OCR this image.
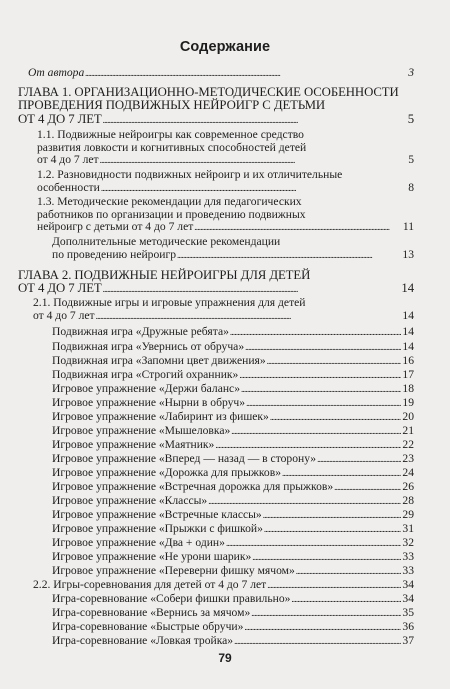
Содержание
От автора . . .	3
ГЛАВА 1. ОРГАНИЗАЦИОННО-МЕТОДИЧЕСКИЕ ОСОБЕННОСТИ
ПРОВЕДЕНИЯ ПОДВИЖНЫХ НЕЙРОИГР С ДЕТЬМИ
ОТ 4 ДО 7 ЛЕТ . . .	5
1.1. Подвижные нейроигры как современное средство
развития ловкости и когнитивных способностей детей
от 4 до 7 лет . . .	5
1.2. Разновидности подвижных нейроигр и их отличительные
особенности . . .	8
1.3. Методические рекомендации для педагогических
работников по организации и проведению подвижных
нейроигр с детьми от 4 до 7 лет . . .	11
Дополнительные методические рекомендации
по проведению нейроигр . . .	13
ГЛАВА 2. ПОДВИЖНЫЕ НЕЙРОИГРЫ ДЛЯ ДЕТЕЙ
ОТ 4 ДО 7 ЛЕТ . . .	14
2.1. Подвижные игры и игровые упражнения для детей
от 4 до 7 лет . . .	14
Подвижная игра «Дружные ребята» . . .	14
Подвижная игра «Увернись от обруча» . . .	14
Подвижная игра «Запомни цвет движения» . . .	16
Подвижная игра «Строгий охранник» . . .	17
Игровое упражнение «Держи баланс» . . .	18
Игровое упражнение «Нырни в обруч» . . .	19
Игровое упражнение «Лабиринт из фишек» . . .	20
Игровое упражнение «Мышеловка» . . .	21
Игровое упражнение «Маятник» . . .	22
Игровое упражнение «Вперед — назад — в сторону» . . .	23
Игровое упражнение «Дорожка для прыжков» . . .	24
Игровое упражнение «Встречная дорожка для прыжков» . . .	26
Игровое упражнение «Классы» . . .	28
Игровое упражнение «Встречные классы» . . .	29
Игровое упражнение «Прыжки с фишкой» . . .	31
Игровое упражнение «Два + один» . . .	32
Игровое упражнение «Не урони шарик» . . .	33
Игровое упражнение «Переверни фишку мячом» . . .	33
2.2. Игры-соревнования для детей от 4 до 7 лет . . .	34
Игра-соревнование «Собери фишки правильно» . . .	34
Игра-соревнование «Вернись за мячом» . . .	35
Игра-соревнование «Быстрые обручи» . . .	36
Игра-соревнование «Ловкая тройка» . . .	37
79
